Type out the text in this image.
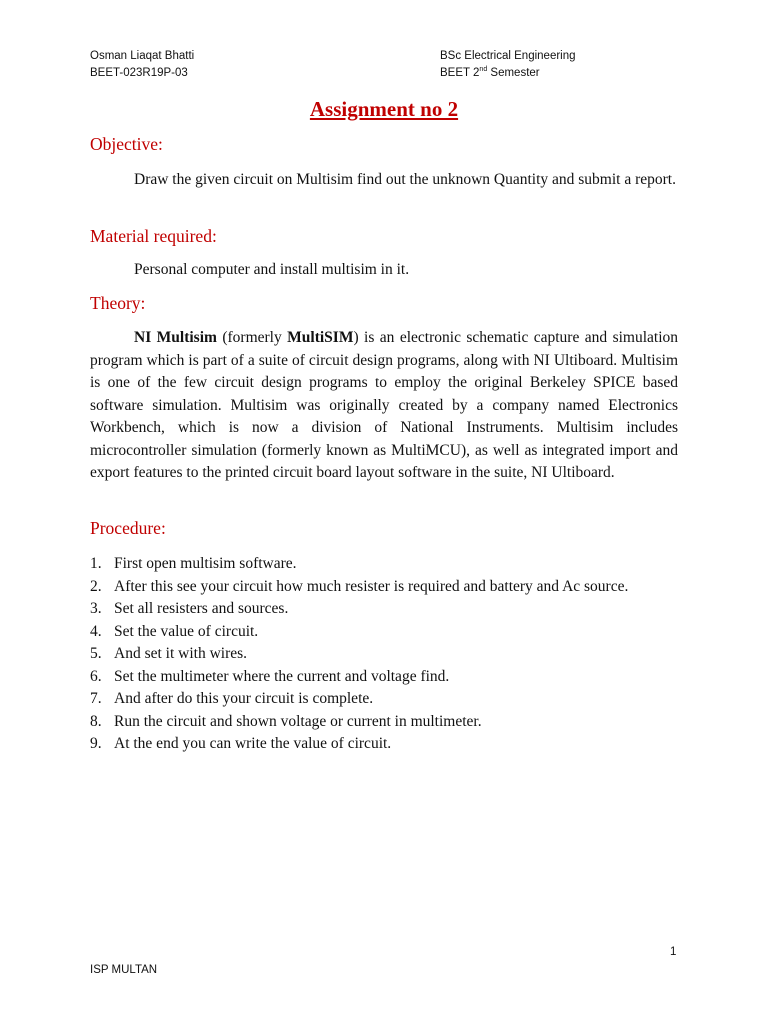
Osman Liaqat Bhatti
BEET-023R19P-03
BSc Electrical Engineering
BEET 2nd Semester
Assignment no 2
Objective:
Draw the given circuit on Multisim find out the unknown Quantity and submit a report.
Material required:
Personal computer and install multisim in it.
Theory:
NI Multisim (formerly MultiSIM) is an electronic schematic capture and simulation program which is part of a suite of circuit design programs, along with NI Ultiboard. Multisim is one of the few circuit design programs to employ the original Berkeley SPICE based software simulation. Multisim was originally created by a company named Electronics Workbench, which is now a division of National Instruments. Multisim includes microcontroller simulation (formerly known as MultiMCU), as well as integrated import and export features to the printed circuit board layout software in the suite, NI Ultiboard.
Procedure:
1. First open multisim software.
2. After this see your circuit how much resister is required and battery and Ac source.
3. Set all resisters and sources.
4. Set the value of circuit.
5. And set it with wires.
6. Set the multimeter where the current and voltage find.
7. And after do this your circuit is complete.
8. Run the circuit and shown voltage or current in multimeter.
9. At the end you can write the value of circuit.
1
ISP MULTAN
